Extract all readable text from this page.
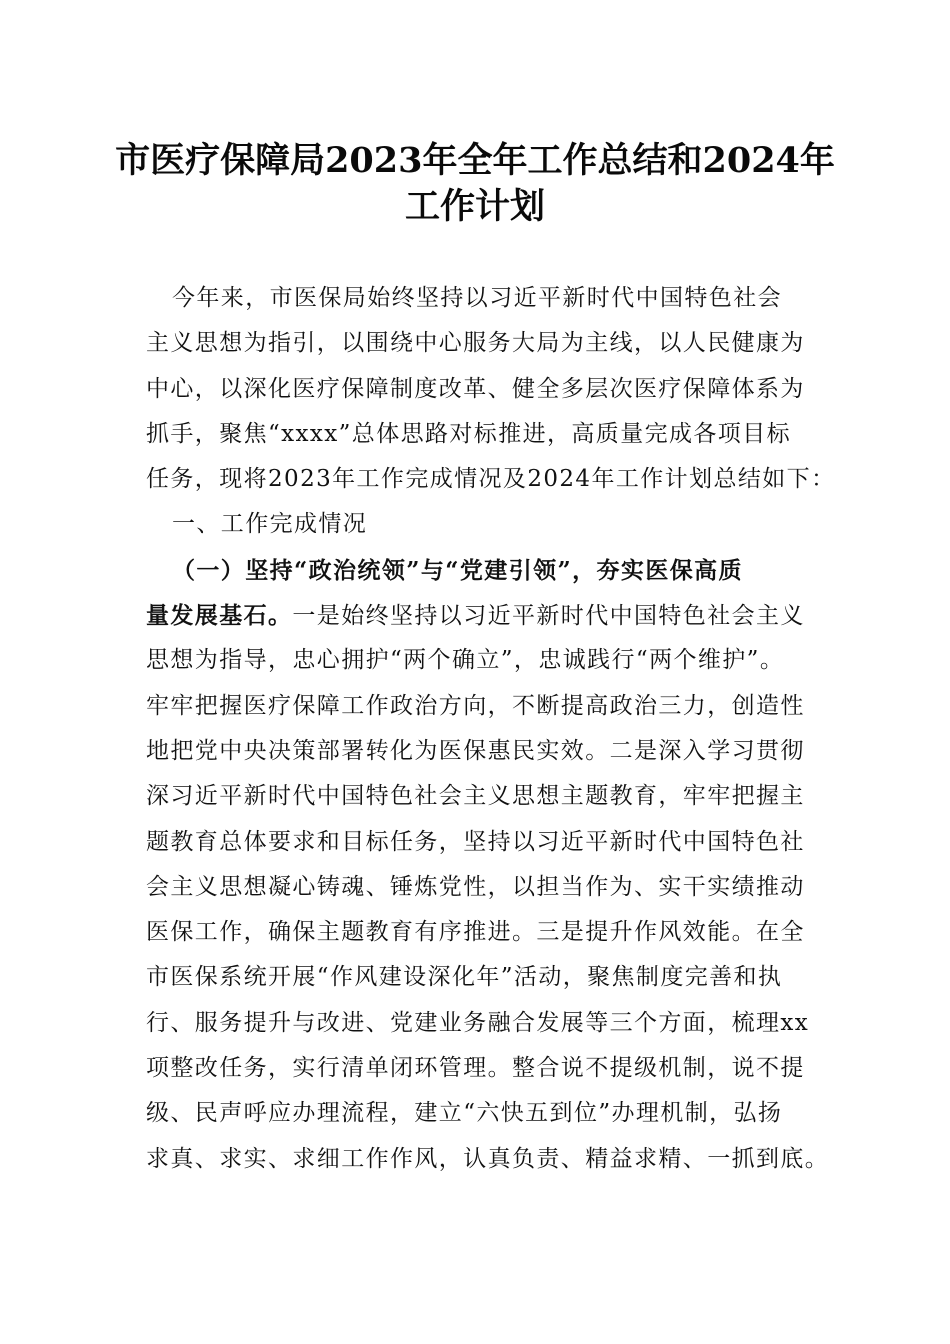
市医疗保障局2023年全年工作总结和2024年
工作计划
今年来，市医保局始终坚持以习近平新时代中国特色社会
主义思想为指引，以围绕中心服务大局为主线，以人民健康为
中心，以深化医疗保障制度改革、健全多层次医疗保障体系为
抓手，聚焦“xxxx”总体思路对标推进，高质量完成各项目标
任务，现将2023年工作完成情况及2024年工作计划总结如下：
一、工作完成情况
（一）坚持“政治统领”与“党建引领”，夯实医保高质
量发展基石。一是始终坚持以习近平新时代中国特色社会主义
思想为指导，忠心拥护“两个确立”，忠诚践行“两个维护”。
牢牢把握医疗保障工作政治方向，不断提高政治三力，创造性
地把党中央决策部署转化为医保惠民实效。二是深入学习贯彻
深习近平新时代中国特色社会主义思想主题教育，牢牢把握主
题教育总体要求和目标任务，坚持以习近平新时代中国特色社
会主义思想凝心铸魂、锤炼党性，以担当作为、实干实绩推动
医保工作，确保主题教育有序推进。三是提升作风效能。在全
市医保系统开展“作风建设深化年”活动，聚焦制度完善和执
行、服务提升与改进、党建业务融合发展等三个方面，梳理xx
项整改任务，实行清单闭环管理。整合说不提级机制，说不提
级、民声呼应办理流程，建立“六快五到位”办理机制，弘扬
求真、求实、求细工作作风，认真负责、精益求精、一抓到底。
